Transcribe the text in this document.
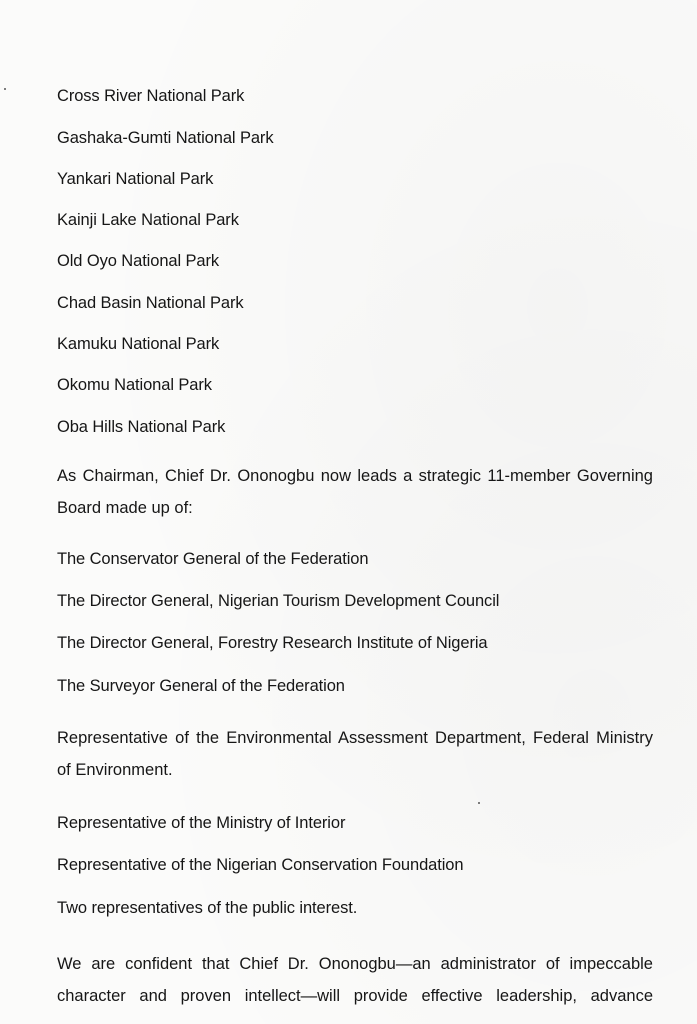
Cross River National Park
Gashaka-Gumti National Park
Yankari National Park
Kainji Lake National Park
Old Oyo National Park
Chad Basin National Park
Kamuku National Park
Okomu National Park
Oba Hills National Park
As Chairman, Chief Dr. Ononogbu now leads a strategic 11-member Governing Board made up of:
The Conservator General of the Federation
The Director General, Nigerian Tourism Development Council
The Director General, Forestry Research Institute of Nigeria
The Surveyor General of the Federation
Representative of the Environmental Assessment Department, Federal Ministry of Environment.
Representative of the Ministry of Interior
Representative of the Nigerian Conservation Foundation
Two representatives of the public interest.
We are confident that Chief Dr. Ononogbu—an administrator of impeccable character and proven intellect—will provide effective leadership, advance
